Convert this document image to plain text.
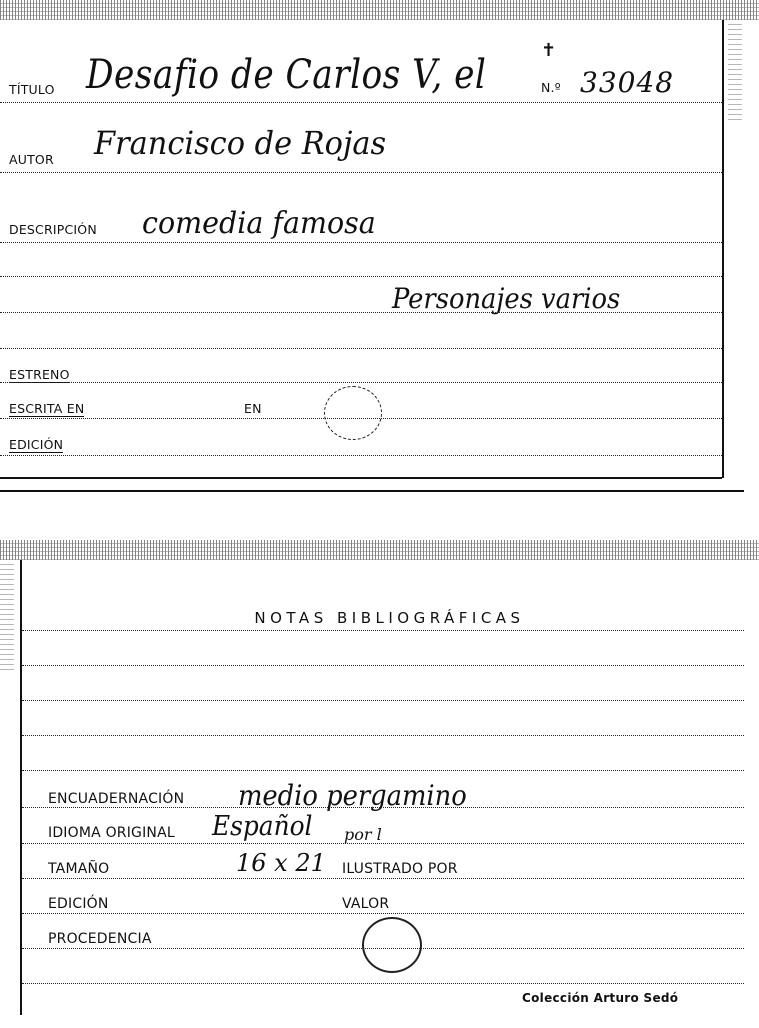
TÍTULO Desafio de Carlos V, el
✝
N.º 33048
AUTOR Francisco de Rojas
DESCRIPCIÓN comedia famosa
Personajes varios
ESTRENO
ESCRITA EN	EN
EDICIÓN
NOTAS BIBLIOGRÁFICAS
ENCUADERNACIÓN medio pergamino
IDIOMA ORIGINAL Español por l
TAMAÑO	16 x 21 ILUSTRADO POR
EDICIÓN	VALOR
PROCEDENCIA
Colección Arturo Sedó
